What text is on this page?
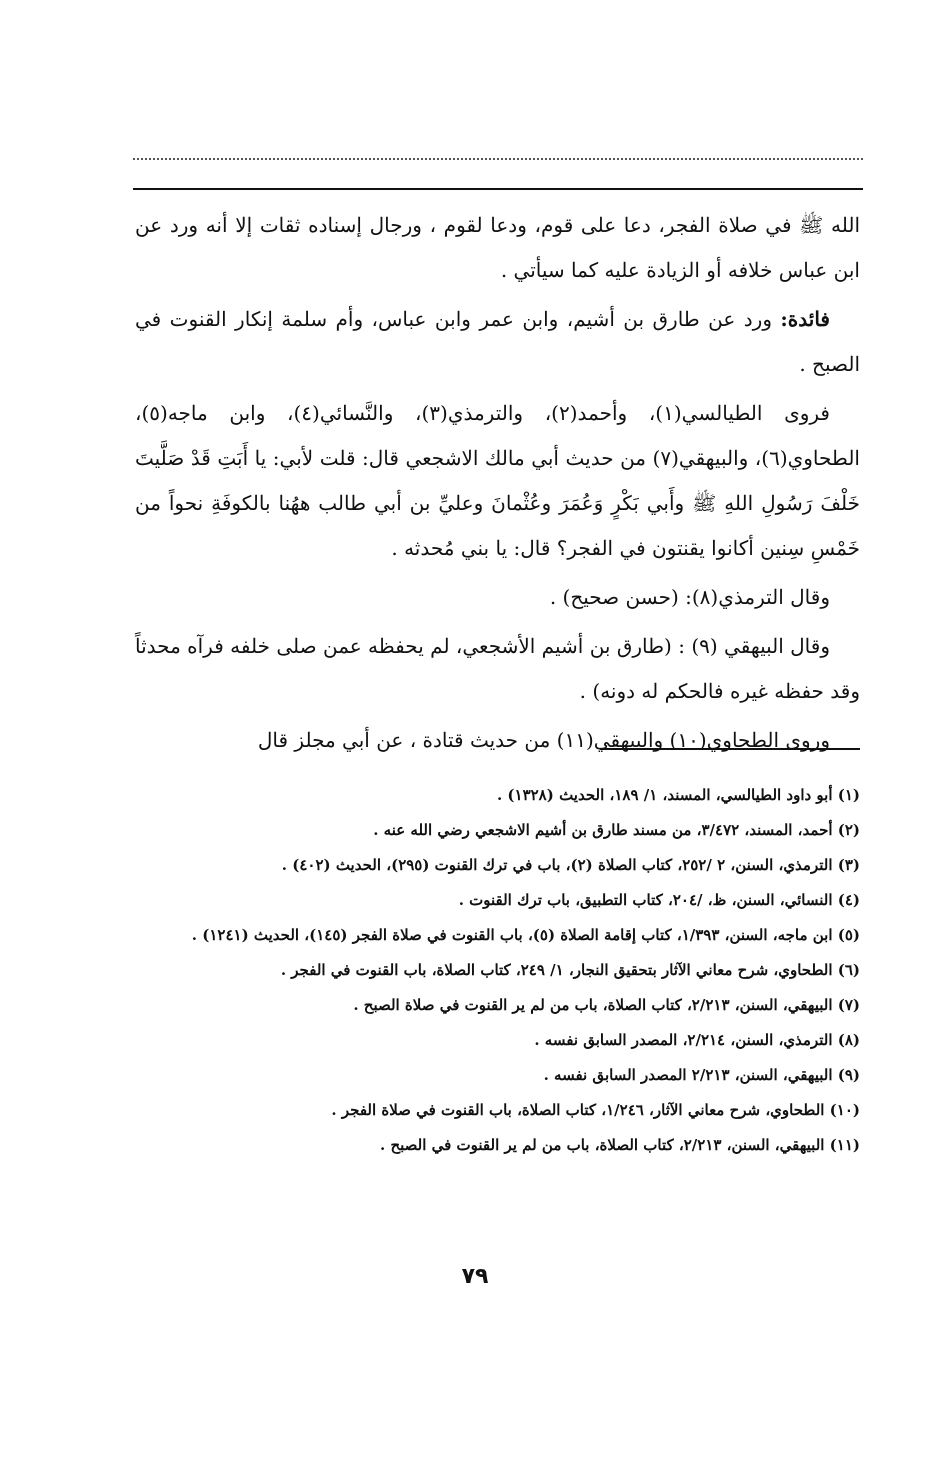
الله ﷺ في صلاة الفجر، دعا على قوم، ودعا لقوم ، ورجال إسناده ثقات إلا أنه ورد عن ابن عباس خلافه أو الزيادة عليه كما سيأتي .

فائدة: ورد عن طارق بن أشيم، وابن عمر وابن عباس، وأم سلمة إنكار القنوت في الصبح .

فروى الطيالسي(١)، وأحمد(٢)، والترمذي(٣)، والنَّسائي(٤)، وابن ماجه(٥)، الطحاوي(٦)، والبيهقي(٧) من حديث أبي مالك الاشجعي قال: قلت لأبي: يا أَبَتِ قَدْ صَلَّيتَ خَلْفَ رَسُولِ اللهِ ﷺ وأَبي بَكْرٍ وَعُمَرَ وعُثْمانَ وعليِّ بن أبي طالب ههُنا بالكوفَةِ نحواً من خَمْسِ سِنين أكانوا يقنتون في الفجر؟ قال: يا بني مُحدثه .

وقال الترمذي(٨): (حسن صحيح) .

وقال البيهقي (٩) : (طارق بن أشيم الأشجعي، لم يحفظه عمن صلى خلفه فرآه محدثاً وقد حفظه غيره فالحكم له دونه) .

وروى الطحاوي(١٠) والبيهقي(١١) من حديث قتادة ، عن أبي مجلز قال

(١) أبو داود الطيالسي، المسند، ١/ ١٨٩، الحديث (١٣٢٨) .
(٢) أحمد، المسند، ٣/٤٧٢، من مسند طارق بن أشيم الاشجعي رضي الله عنه .
(٣) الترمذي، السنن، ٢ /٢٥٢، كتاب الصلاة (٢)، باب في ترك القنوت (٢٩٥)، الحديث (٤٠٢) .
(٤) النسائي، السنن، ظ، /٢٠٤، كتاب التطبيق، باب ترك القنوت .
(٥) ابن ماجه، السنن، ١/٣٩٣، كتاب إقامة الصلاة (٥)، باب القنوت في صلاة الفجر (١٤٥)، الحديث (١٢٤١) .
(٦) الطحاوي، شرح معاني الآثار بتحقيق النجار، ١/ ٢٤٩، كتاب الصلاة، باب القنوت في الفجر .
(٧) البيهقي، السنن، ٢/٢١٣، كتاب الصلاة، باب من لم ير القنوت في صلاة الصبح .
(٨) الترمذي، السنن، ٢/٢١٤، المصدر السابق نفسه .
(٩) البيهقي، السنن، ٢/٢١٣ المصدر السابق نفسه .
(١٠) الطحاوي، شرح معاني الآثار، ١/٢٤٦، كتاب الصلاة، باب القنوت في صلاة الفجر .
(١١) البيهقي، السنن، ٢/٢١٣، كتاب الصلاة، باب من لم ير القنوت في الصبح .
٧٩
